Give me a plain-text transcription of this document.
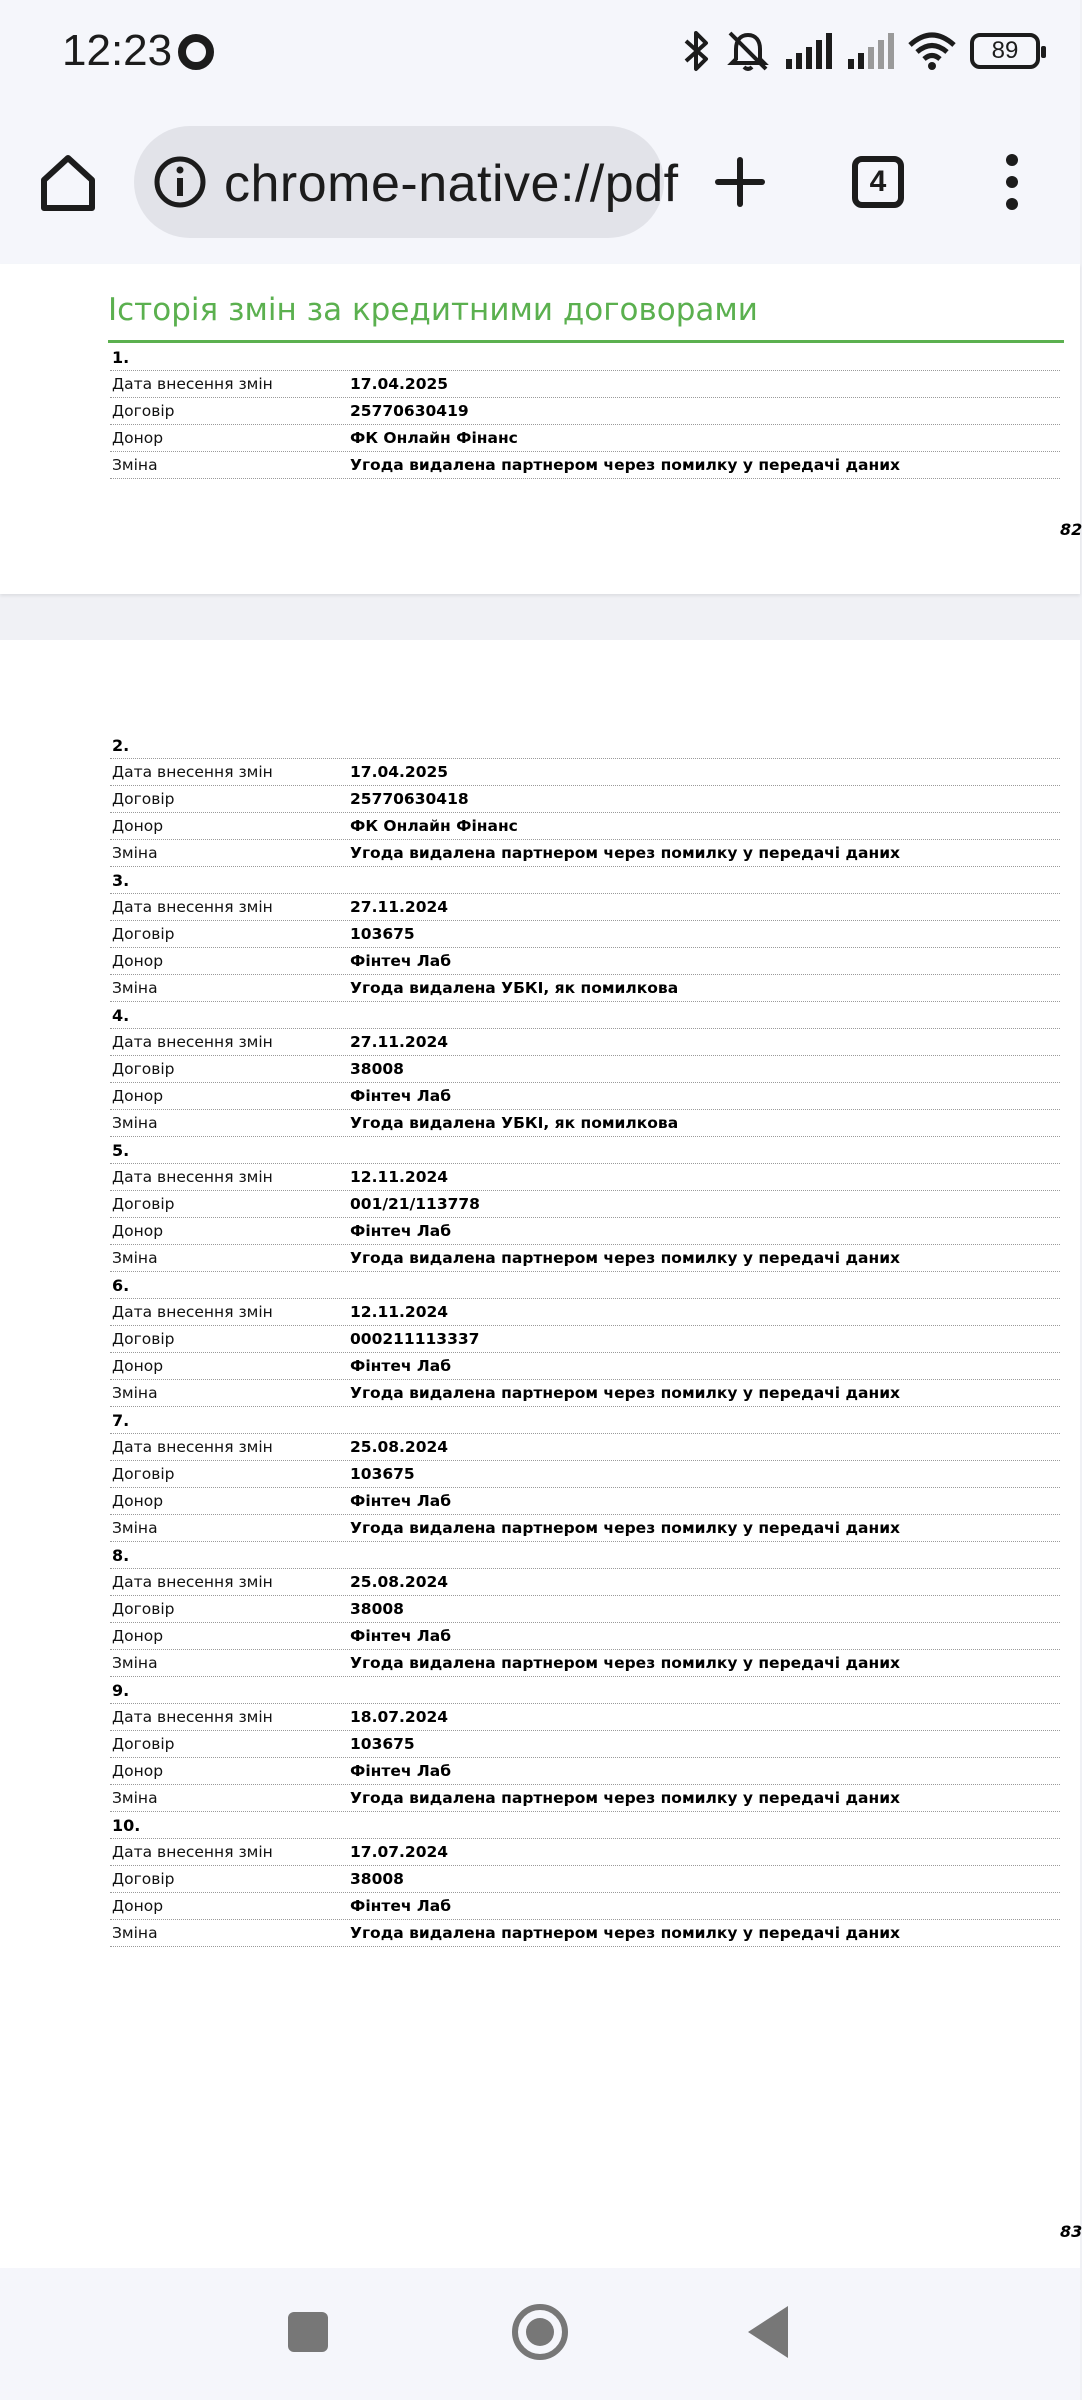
12:23	89
chrome-native://pdf	4
Історія змін за кредитними договорами
1.
Дата внесення змін	17.04.2025
Договір	25770630419
Донор	ФК Онлайн Фінанс
Зміна	Угода видалена партнером через помилку у передачі даних
82
2.
Дата внесення змін	17.04.2025
Договір	25770630418
Донор	ФК Онлайн Фінанс
Зміна	Угода видалена партнером через помилку у передачі даних
3.
Дата внесення змін	27.11.2024
Договір	103675
Донор	Фінтеч Лаб
Зміна	Угода видалена УБКІ, як помилкова
4.
Дата внесення змін	27.11.2024
Договір	38008
Донор	Фінтеч Лаб
Зміна	Угода видалена УБКІ, як помилкова
5.
Дата внесення змін	12.11.2024
Договір	001/21/113778
Донор	Фінтеч Лаб
Зміна	Угода видалена партнером через помилку у передачі даних
6.
Дата внесення змін	12.11.2024
Договір	000211113337
Донор	Фінтеч Лаб
Зміна	Угода видалена партнером через помилку у передачі даних
7.
Дата внесення змін	25.08.2024
Договір	103675
Донор	Фінтеч Лаб
Зміна	Угода видалена партнером через помилку у передачі даних
8.
Дата внесення змін	25.08.2024
Договір	38008
Донор	Фінтеч Лаб
Зміна	Угода видалена партнером через помилку у передачі даних
9.
Дата внесення змін	18.07.2024
Договір	103675
Донор	Фінтеч Лаб
Зміна	Угода видалена партнером через помилку у передачі даних
10.
Дата внесення змін	17.07.2024
Договір	38008
Донор	Фінтеч Лаб
Зміна	Угода видалена партнером через помилку у передачі даних
83
